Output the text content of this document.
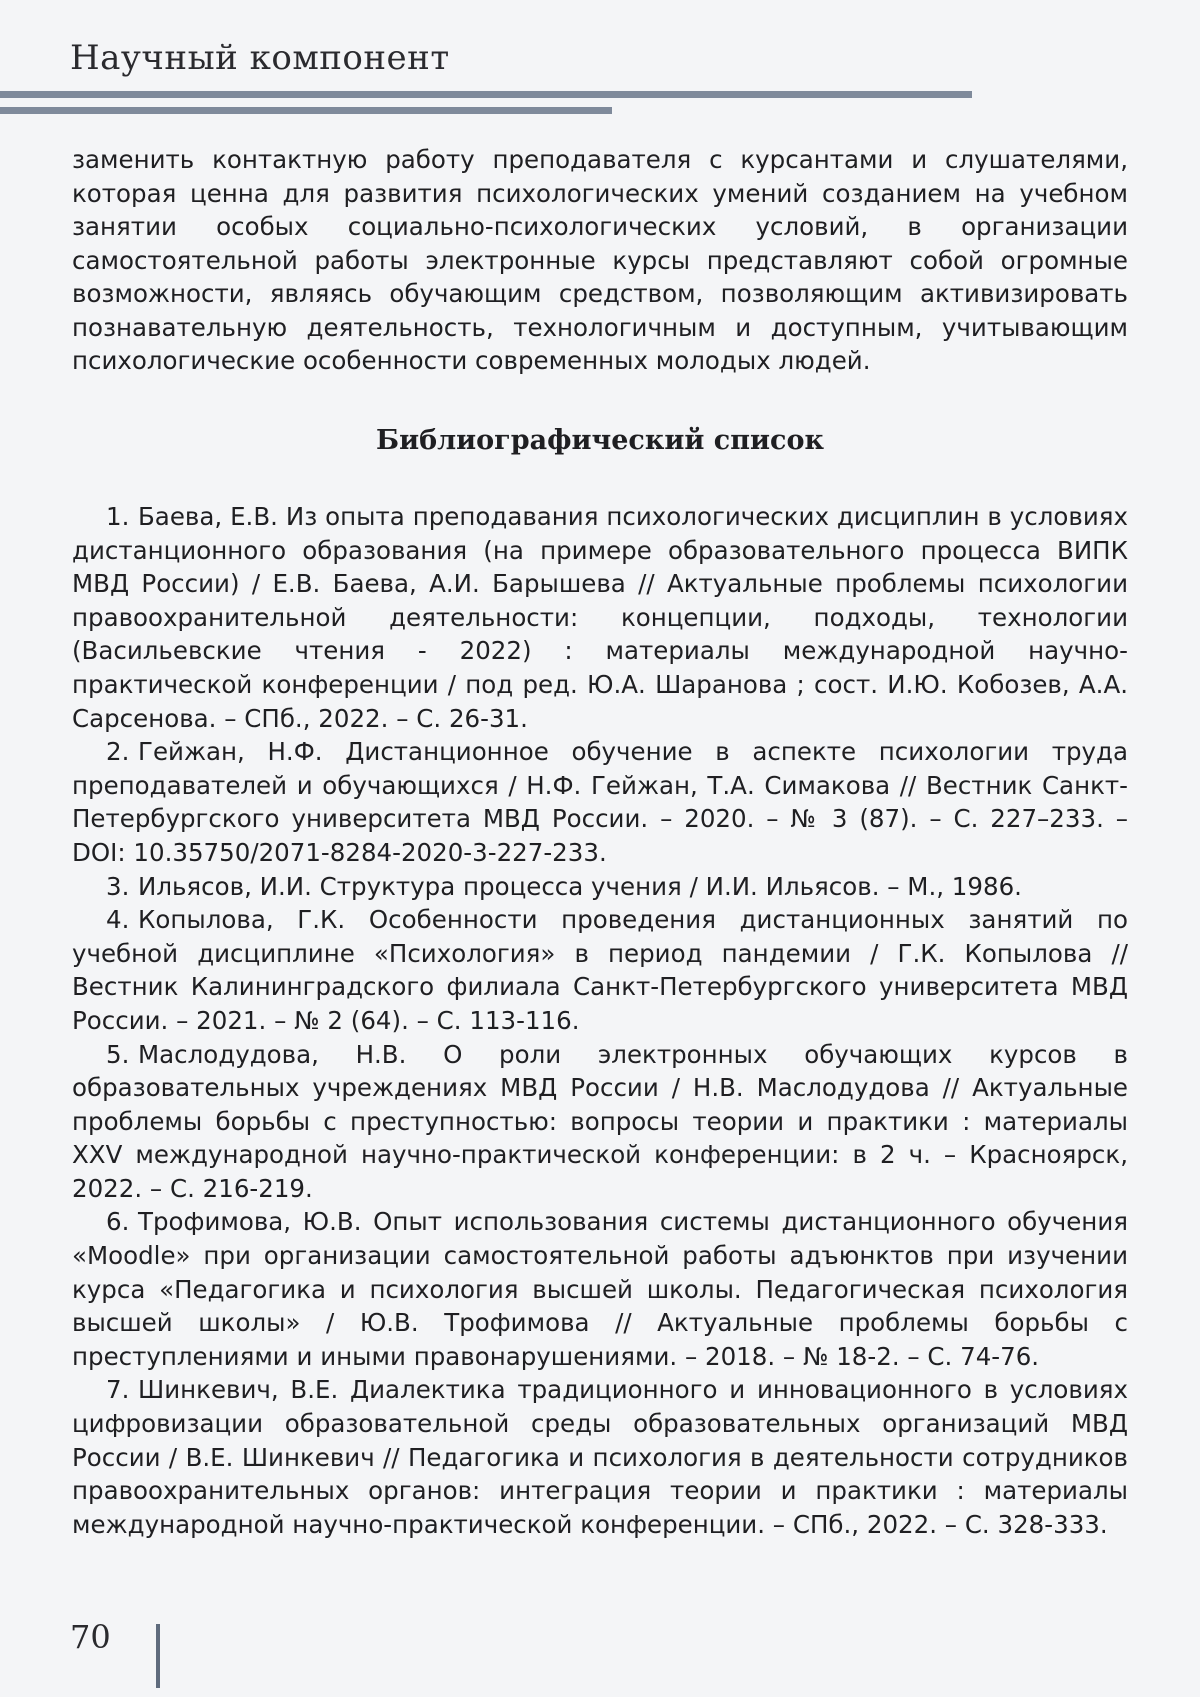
Научный компонент

заменить контактную работу преподавателя с курсантами и слушателями, которая ценна для развития психологических умений созданием на учебном занятии особых социально-психологических условий, в организации самостоятельной работы электронные курсы представляют собой огромные возможности, являясь обучающим средством, позволяющим активизировать познавательную деятельность, технологичным и доступным, учитывающим психологические особенности современных молодых людей.

Библиографический список
1. Баева, Е.В. Из опыта преподавания психологических дисциплин в условиях дистанционного образования (на примере образовательного процесса ВИПК МВД России) / Е.В. Баева, А.И. Барышева // Актуальные проблемы психологии правоохранительной деятельности: концепции, подходы, технологии (Васильевские чтения - 2022) : материалы международной научно-практической конференции / под ред. Ю.А. Шаранова ; сост. И.Ю. Кобозев, А.А. Сарсенова. – СПб., 2022. – С. 26-31.
2. Гейжан, Н.Ф. Дистанционное обучение в аспекте психологии труда преподавателей и обучающихся / Н.Ф. Гейжан, Т.А. Симакова // Вестник Санкт-Петербургского университета МВД России. – 2020. – № 3 (87). – С. 227–233. – DOI: 10.35750/2071-8284-2020-3-227-233.
3. Ильясов, И.И. Структура процесса учения / И.И. Ильясов. – М., 1986.
4. Копылова, Г.К. Особенности проведения дистанционных занятий по учебной дисциплине «Психология» в период пандемии / Г.К. Копылова // Вестник Калининградского филиала Санкт-Петербургского университета МВД России. – 2021. – № 2 (64). – С. 113-116.
5. Маслодудова, Н.В. О роли электронных обучающих курсов в образовательных учреждениях МВД России / Н.В. Маслодудова // Актуальные проблемы борьбы с преступностью: вопросы теории и практики : материалы XXV международной научно-практической конференции: в 2 ч. – Красноярск, 2022. – С. 216-219.
6. Трофимова, Ю.В. Опыт использования системы дистанционного обучения «Moodle» при организации самостоятельной работы адъюнктов при изучении курса «Педагогика и психология высшей школы. Педагогическая психология высшей школы» / Ю.В. Трофимова // Актуальные проблемы борьбы с преступлениями и иными правонарушениями. – 2018. – № 18-2. – С. 74-76.
7. Шинкевич, В.Е. Диалектика традиционного и инновационного в условиях цифровизации образовательной среды образовательных организаций МВД России / В.Е. Шинкевич // Педагогика и психология в деятельности сотрудников правоохранительных органов: интеграция теории и практики : материалы международной научно-практической конференции. – СПб., 2022. – С. 328-333.
70
